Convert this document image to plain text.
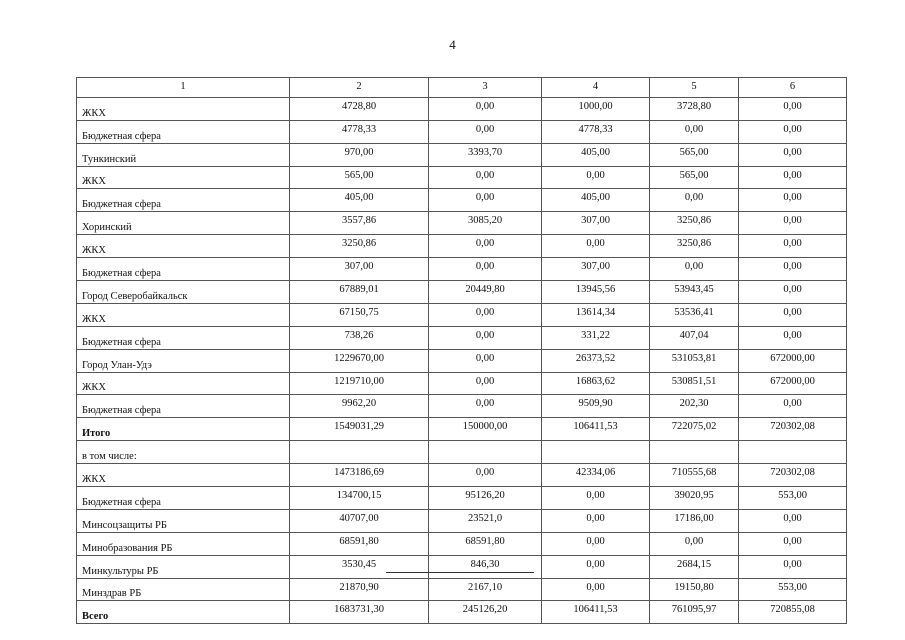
4
1	2	3	4	5	6
ЖКХ	4728,80	0,00	1000,00	3728,80	0,00
Бюджетная сфера	4778,33	0,00	4778,33	0,00	0,00
Тункинский	970,00	3393,70	405,00	565,00	0,00
ЖКХ	565,00	0,00	0,00	565,00	0,00
Бюджетная сфера	405,00	0,00	405,00	0,00	0,00
Хоринский	3557,86	3085,20	307,00	3250,86	0,00
ЖКХ	3250,86	0,00	0,00	3250,86	0,00
Бюджетная сфера	307,00	0,00	307,00	0,00	0,00
Город Северобайкальск	67889,01	20449,80	13945,56	53943,45	0,00
ЖКХ	67150,75	0,00	13614,34	53536,41	0,00
Бюджетная сфера	738,26	0,00	331,22	407,04	0,00
Город Улан-Удэ	1229670,00	0,00	26373,52	531053,81	672000,00
ЖКХ	1219710,00	0,00	16863,62	530851,51	672000,00
Бюджетная сфера	9962,20	0,00	9509,90	202,30	0,00
Итого	1549031,29	150000,00	106411,53	722075,02	720302,08
в том числе:					
ЖКХ	1473186,69	0,00	42334,06	710555,68	720302,08
Бюджетная сфера	134700,15	95126,20	0,00	39020,95	553,00
Минсоцзащиты РБ	40707,00	23521,0	0,00	17186,00	0,00
Минобразования РБ	68591,80	68591,80	0,00	0,00	0,00
Минкультуры РБ	3530,45	846,30	0,00	2684,15	0,00
Минздрав РБ	21870,90	2167,10	0,00	19150,80	553,00
Всего	1683731,30	245126,20	106411,53	761095,97	720855,08
